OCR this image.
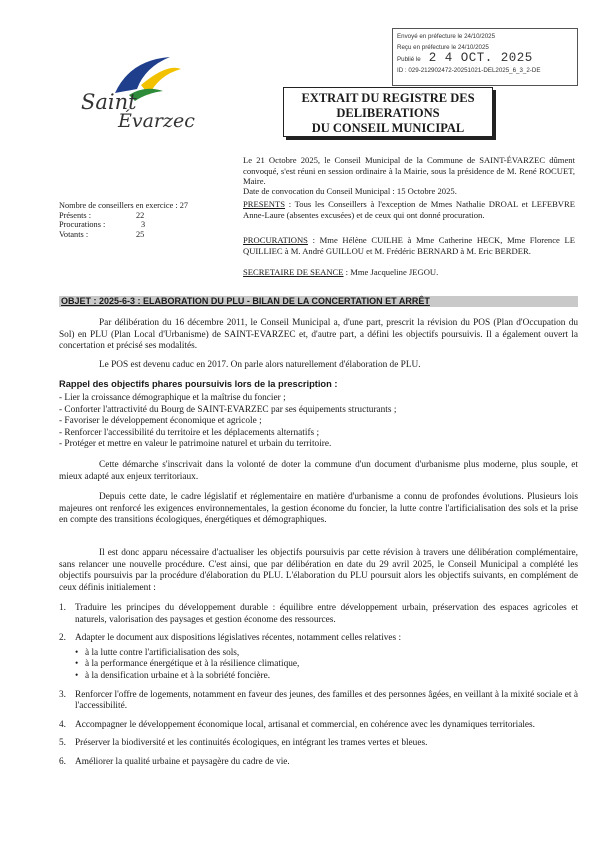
Envoyé en préfecture le 24/10/2025
Reçu en préfecture le 24/10/2025
Publié le 2 4 OCT. 2025
ID : 029-212902472-20251021-DEL2025_6_3_2-DE
Saint
Évarzec
EXTRAIT DU REGISTRE DES
DELIBERATIONS
DU CONSEIL MUNICIPAL
Le 21 Octobre 2025, le Conseil Municipal de la Commune de SAINT-ÉVARZEC dûment convoqué, s'est réuni en session ordinaire à la Mairie, sous la présidence de M. René ROCUET, Maire.
Date de convocation du Conseil Municipal : 15 Octobre 2025.
PRESENTS : Tous les Conseillers à l'exception de Mmes Nathalie DROAL et LEFEBVRE Anne-Laure (absentes excusées) et de ceux qui ont donné procuration.
PROCURATIONS : Mme Hélène CUILHE à Mme Catherine HECK, Mme Florence LE QUILLIEC à M. André GUILLOU et M. Frédéric BERNARD à M. Eric BERDER.
SECRETAIRE DE SEANCE : Mme Jacqueline JEGOU.
Nombre de conseillers en exercice : 27
Présents :	22
Procurations :	3
Votants :	25
OBJET : 2025-6-3 : ELABORATION DU PLU - BILAN DE LA CONCERTATION ET ARRÊT
Par délibération du 16 décembre 2011, le Conseil Municipal a, d'une part, prescrit la révision du POS (Plan d'Occupation du Sol) en PLU (Plan Local d'Urbanisme) de SAINT-EVARZEC et, d'autre part, a défini les objectifs poursuivis. Il a également ouvert la concertation et précisé ses modalités.
Le POS est devenu caduc en 2017. On parle alors naturellement d'élaboration de PLU.
Rappel des objectifs phares poursuivis lors de la prescription :
- Lier la croissance démographique et la maîtrise du foncier ;
- Conforter l'attractivité du Bourg de SAINT-EVARZEC par ses équipements structurants ;
- Favoriser le développement économique et agricole ;
- Renforcer l'accessibilité du territoire et les déplacements alternatifs ;
- Protéger et mettre en valeur le patrimoine naturel et urbain du territoire.
Cette démarche s'inscrivait dans la volonté de doter la commune d'un document d'urbanisme plus moderne, plus souple, et mieux adapté aux enjeux territoriaux.
Depuis cette date, le cadre législatif et réglementaire en matière d'urbanisme a connu de profondes évolutions. Plusieurs lois majeures ont renforcé les exigences environnementales, la gestion économe du foncier, la lutte contre l'artificialisation des sols et la prise en compte des transitions écologiques, énergétiques et démographiques.
Il est donc apparu nécessaire d'actualiser les objectifs poursuivis par cette révision à travers une délibération complémentaire, sans relancer une nouvelle procédure. C'est ainsi, que par délibération en date du 29 avril 2025, le Conseil Municipal a complété les objectifs poursuivis par la procédure d'élaboration du PLU. L'élaboration du PLU poursuit alors les objectifs suivants, en complément de ceux définis initialement :
1. Traduire les principes du développement durable : équilibre entre développement urbain, préservation des espaces agricoles et naturels, valorisation des paysages et gestion économe des ressources.
2. Adapter le document aux dispositions législatives récentes, notamment celles relatives :
• à la lutte contre l'artificialisation des sols,
• à la performance énergétique et à la résilience climatique,
• à la densification urbaine et à la sobriété foncière.
3. Renforcer l'offre de logements, notamment en faveur des jeunes, des familles et des personnes âgées, en veillant à la mixité sociale et à l'accessibilité.
4. Accompagner le développement économique local, artisanal et commercial, en cohérence avec les dynamiques territoriales.
5. Préserver la biodiversité et les continuités écologiques, en intégrant les trames vertes et bleues.
6. Améliorer la qualité urbaine et paysagère du cadre de vie.
